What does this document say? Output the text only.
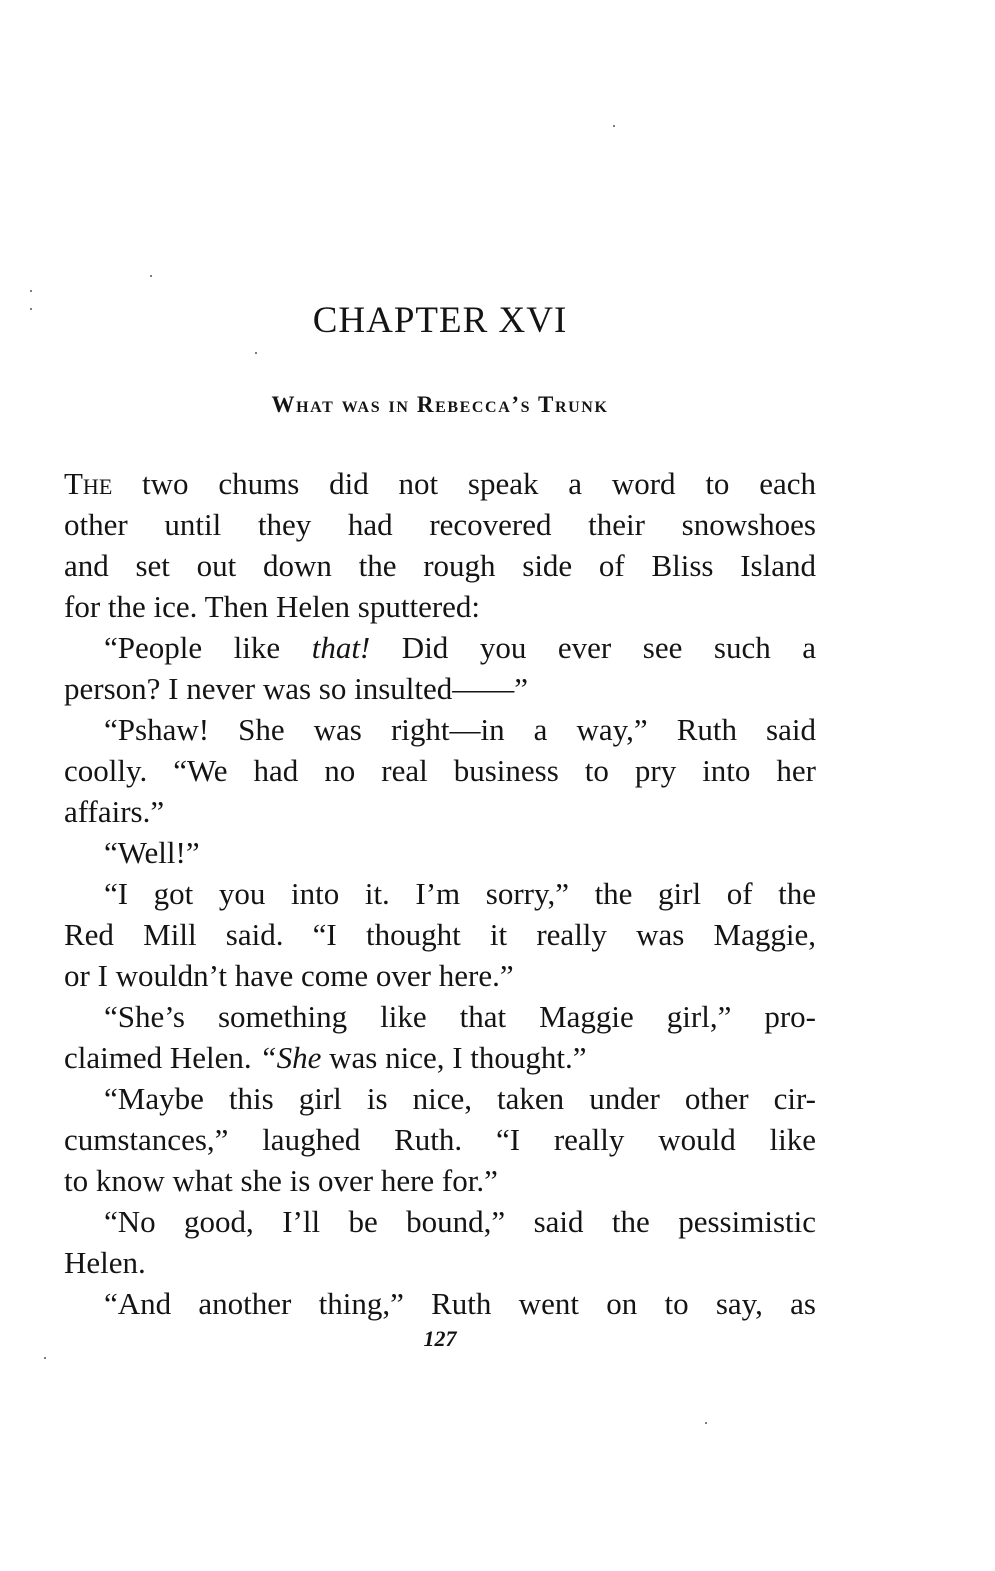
CHAPTER XVI
What was in Rebecca’s Trunk
The two chums did not speak a word to each
other until they had recovered their snowshoes
and set out down the rough side of Bliss Island
for the ice. Then Helen sputtered:
“People like that! Did you ever see such a
person? I never was so insulted——”
“Pshaw! She was right—in a way,” Ruth said
coolly. “We had no real business to pry into her
affairs.”
“Well!”
“I got you into it. I’m sorry,” the girl of the
Red Mill said. “I thought it really was Maggie,
or I wouldn’t have come over here.”
“She’s something like that Maggie girl,” pro-
claimed Helen. “She was nice, I thought.”
“Maybe this girl is nice, taken under other cir-
cumstances,” laughed Ruth. “I really would like
to know what she is over here for.”
“No good, I’ll be bound,” said the pessimistic
Helen.
“And another thing,” Ruth went on to say, as
127
